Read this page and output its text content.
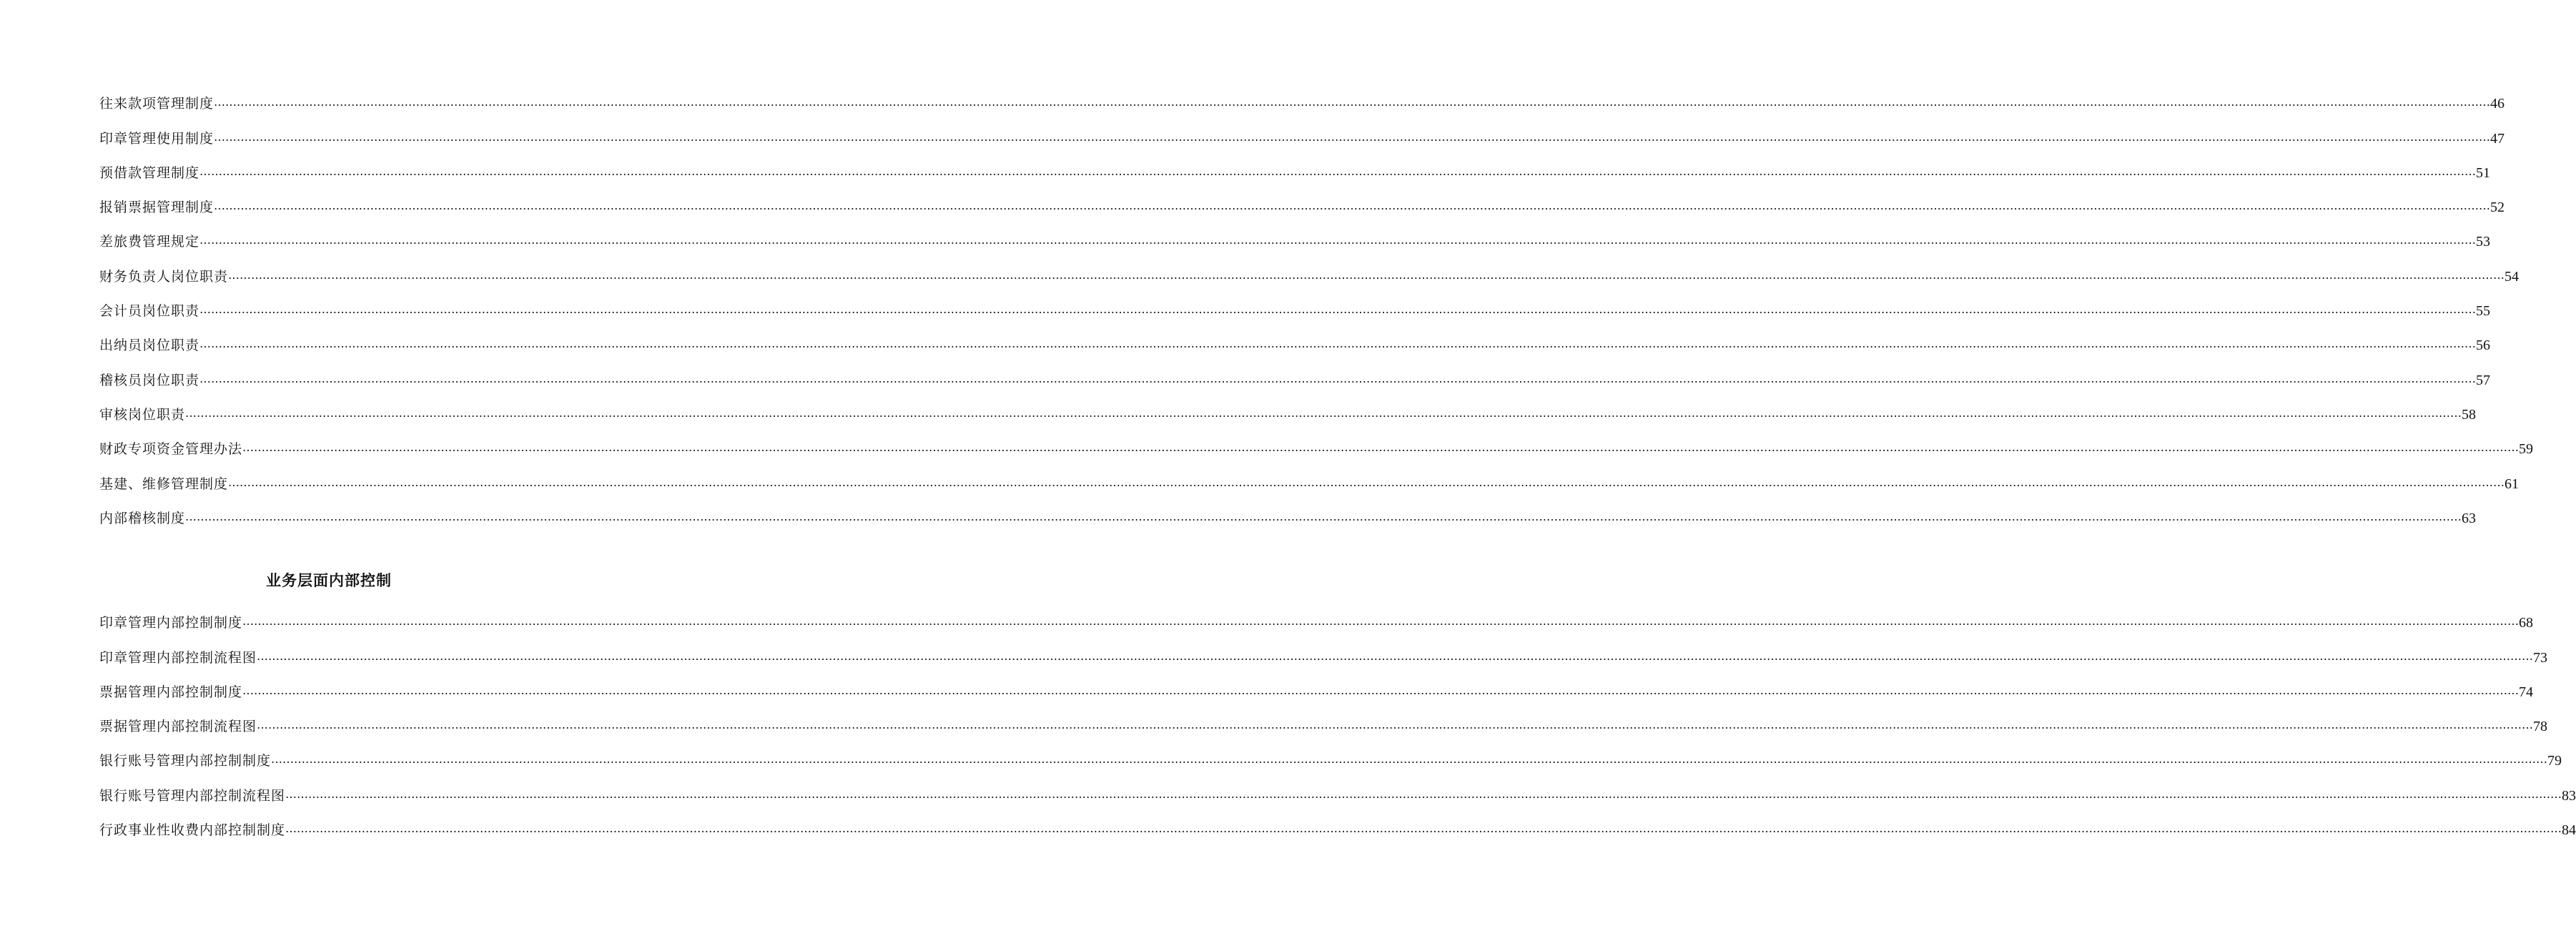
往来款项管理制度 ………………………………………………………………………………………………………………………………………………………………………………………………………………………………………………………………………………………………………………………………………………………………………………………………………………………………………………………………………………………………………………………………………………… 46
印章管理使用制度 ………………………………………………………………………………………………………………………………………………………………………………………………………………………………………………………………………………………………………………………………………………………………………………………………………………………………………………………………………………………………………………………………………………… 47
预借款管理制度 ………………………………………………………………………………………………………………………………………………………………………………………………………………………………………………………………………………………………………………………………………………………………………………………………………………………………………………………………………………………………………………………………………………… 51
报销票据管理制度 ………………………………………………………………………………………………………………………………………………………………………………………………………………………………………………………………………………………………………………………………………………………………………………………………………………………………………………………………………………………………………………………………………………… 52
差旅费管理规定 ………………………………………………………………………………………………………………………………………………………………………………………………………………………………………………………………………………………………………………………………………………………………………………………………………………………………………………………………………………………………………………………………………………… 53
财务负责人岗位职责 ………………………………………………………………………………………………………………………………………………………………………………………………………………………………………………………………………………………………………………………………………………………………………………………………………………………………………………………………………………………………………………………………………………… 54
会计员岗位职责 ………………………………………………………………………………………………………………………………………………………………………………………………………………………………………………………………………………………………………………………………………………………………………………………………………………………………………………………………………………………………………………………………………………… 55
出纳员岗位职责 ………………………………………………………………………………………………………………………………………………………………………………………………………………………………………………………………………………………………………………………………………………………………………………………………………………………………………………………………………………………………………………………………………………… 56
稽核员岗位职责 ………………………………………………………………………………………………………………………………………………………………………………………………………………………………………………………………………………………………………………………………………………………………………………………………………………………………………………………………………………………………………………………………………………… 57
审核岗位职责 ………………………………………………………………………………………………………………………………………………………………………………………………………………………………………………………………………………………………………………………………………………………………………………………………………………………………………………………………………………………………………………………………………………… 58
财政专项资金管理办法 ………………………………………………………………………………………………………………………………………………………………………………………………………………………………………………………………………………………………………………………………………………………………………………………………………………………………………………………………………………………………………………………………………………… 59
基建、维修管理制度 ………………………………………………………………………………………………………………………………………………………………………………………………………………………………………………………………………………………………………………………………………………………………………………………………………………………………………………………………………………………………………………………………………………… 61
内部稽核制度 ………………………………………………………………………………………………………………………………………………………………………………………………………………………………………………………………………………………………………………………………………………………………………………………………………………………………………………………………………………………………………………………………………………… 63
业务层面内部控制
印章管理内部控制制度 ………………………………………………………………………………………………………………………………………………………………………………………………………………………………………………………………………………………………………………………………………………………………………………………………………………………………………………………………………………………………………………………………………………… 68
印章管理内部控制流程图 ………………………………………………………………………………………………………………………………………………………………………………………………………………………………………………………………………………………………………………………………………………………………………………………………………………………………………………………………………………………………………………………………………………… 73
票据管理内部控制制度 ………………………………………………………………………………………………………………………………………………………………………………………………………………………………………………………………………………………………………………………………………………………………………………………………………………………………………………………………………………………………………………………………………………… 74
票据管理内部控制流程图 ………………………………………………………………………………………………………………………………………………………………………………………………………………………………………………………………………………………………………………………………………………………………………………………………………………………………………………………………………………………………………………………………………………… 78
银行账号管理内部控制制度 ………………………………………………………………………………………………………………………………………………………………………………………………………………………………………………………………………………………………………………………………………………………………………………………………………………………………………………………………………………………………………………………………………………… 79
银行账号管理内部控制流程图 ………………………………………………………………………………………………………………………………………………………………………………………………………………………………………………………………………………………………………………………………………………………………………………………………………………………………………………………………………………………………………………………………………………… 83
行政事业性收费内部控制制度 ………………………………………………………………………………………………………………………………………………………………………………………………………………………………………………………………………………………………………………………………………………………………………………………………………………………………………………………………………………………………………………………………………………… 84
